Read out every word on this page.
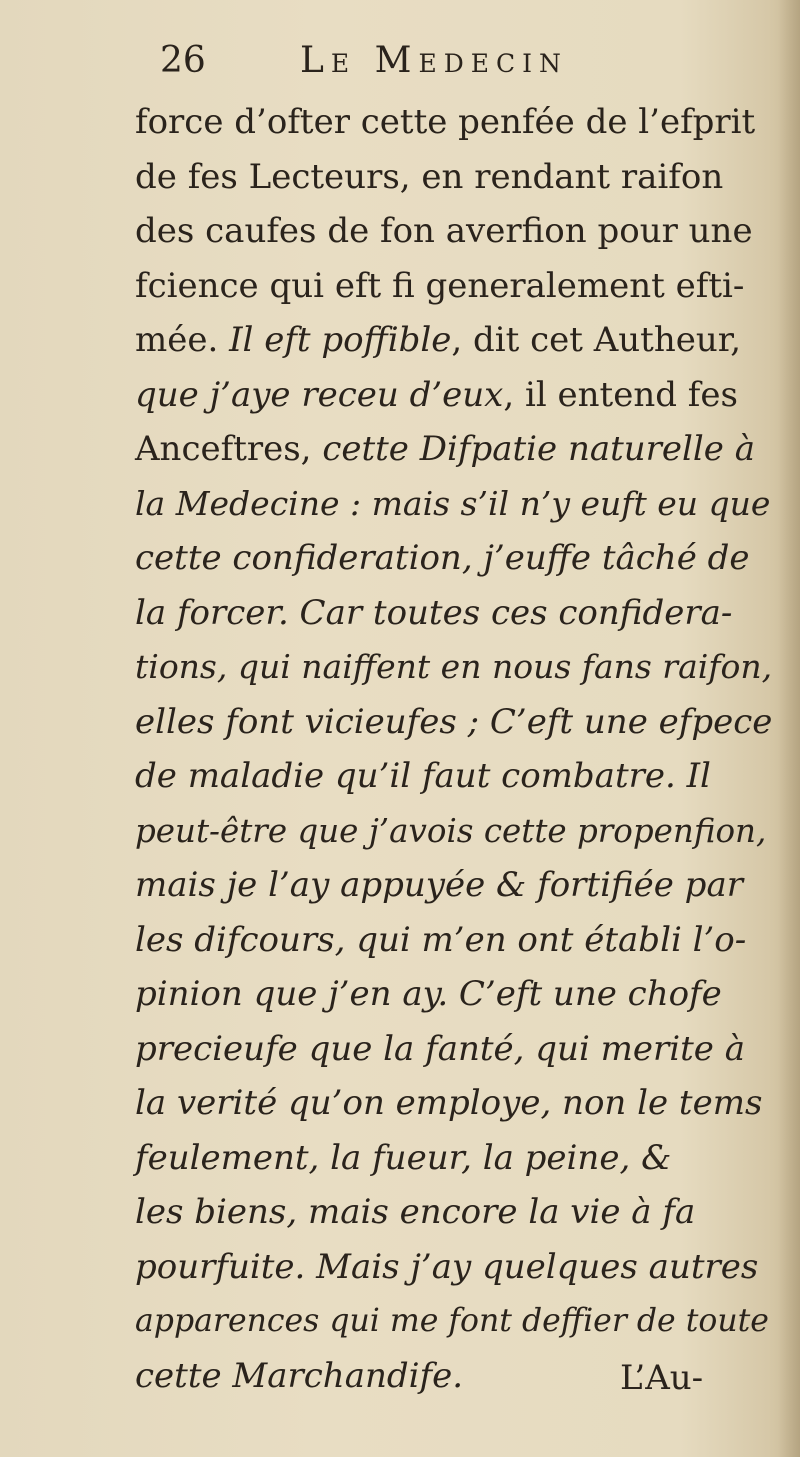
26	Le Medecin
force d’ofter cette penfée de l’efprit
de fes Lecteurs, en rendant raifon
des caufes de fon averfion pour une
fcience qui eft fi generalement efti-
mée. Il eft poffible, dit cet Autheur,
que j’aye receu d’eux, il entend fes
Anceftres, cette Difpatie naturelle à
la Medecine : mais s’il n’y euft eu que
cette confideration, j’euffe tâché de
la forcer. Car toutes ces confidera-
tions, qui naiffent en nous fans raifon,
elles font vicieufes ; C’eft une efpece
de maladie qu’il faut combatre. Il
peut-être que j’avois cette propenfion,
mais je l’ay appuyée & fortifiée par
les difcours, qui m’en ont établi l’o-
pinion que j’en ay. C’eft une chofe
precieufe que la fanté, qui merite à
la verité qu’on employe, non le tems
feulement, la fueur, la peine, &
les biens, mais encore la vie à fa
pourfuite. Mais j’ay quelques autres
apparences qui me font deffier de toute
cette Marchandife.	L’Au-
